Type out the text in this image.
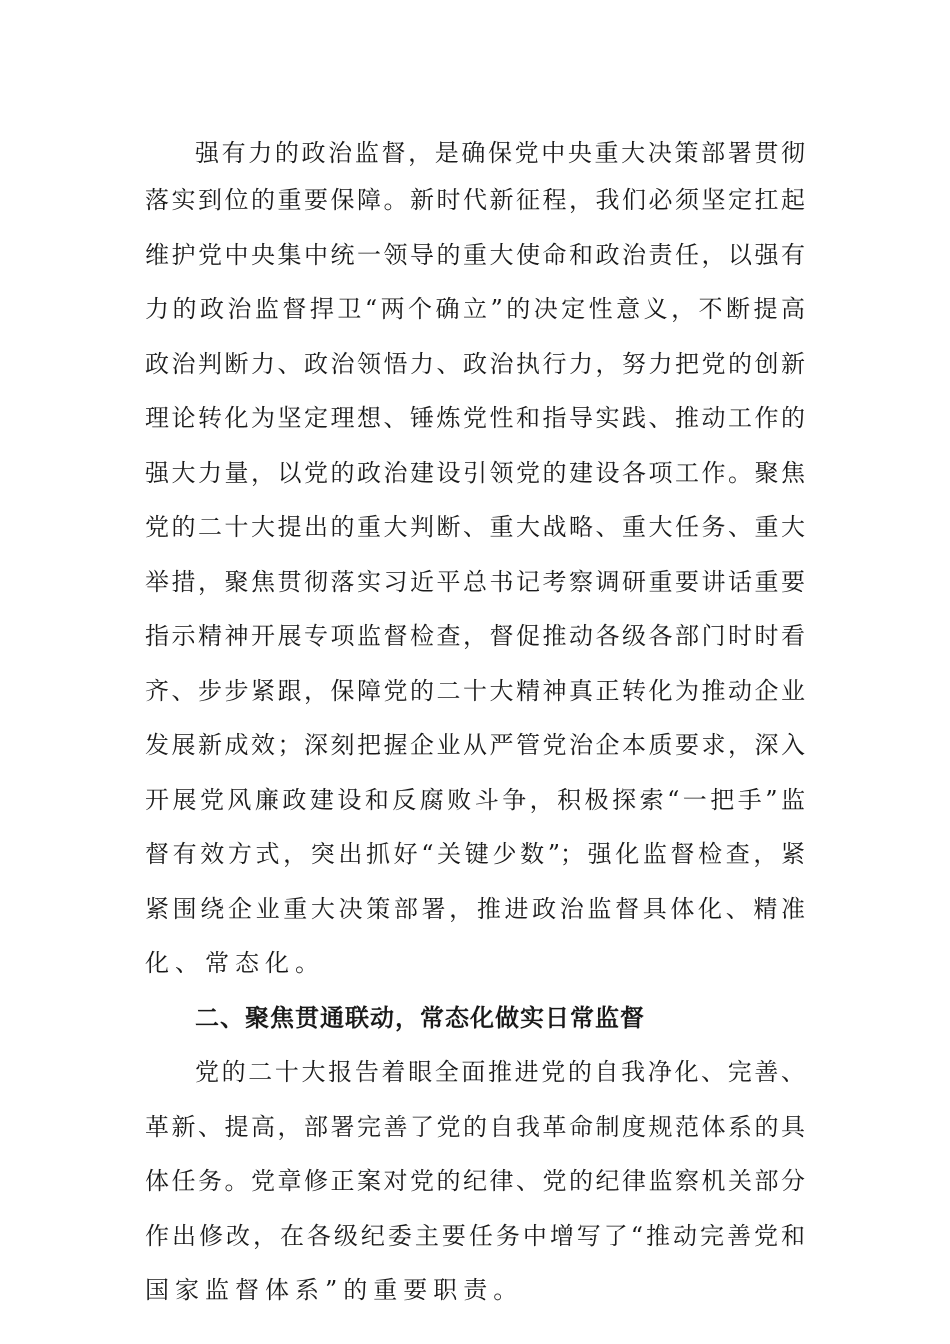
强有力的政治监督，是确保党中央重大决策部署贯彻
落实到位的重要保障。新时代新征程，我们必须坚定扛起
维护党中央集中统一领导的重大使命和政治责任，以强有
力的政治监督捍卫“两个确立”的决定性意义，不断提高
政治判断力、政治领悟力、政治执行力，努力把党的创新
理论转化为坚定理想、锤炼党性和指导实践、推动工作的
强大力量，以党的政治建设引领党的建设各项工作。聚焦
党的二十大提出的重大判断、重大战略、重大任务、重大
举措，聚焦贯彻落实习近平总书记考察调研重要讲话重要
指示精神开展专项监督检查，督促推动各级各部门时时看
齐、步步紧跟，保障党的二十大精神真正转化为推动企业
发展新成效；深刻把握企业从严管党治企本质要求，深入
开展党风廉政建设和反腐败斗争，积极探索“一把手”监
督有效方式，突出抓好“关键少数”；强化监督检查，紧
紧围绕企业重大决策部署，推进政治监督具体化、精准
化、常态化。
二、聚焦贯通联动，常态化做实日常监督
党的二十大报告着眼全面推进党的自我净化、完善、
革新、提高，部署完善了党的自我革命制度规范体系的具
体任务。党章修正案对党的纪律、党的纪律监察机关部分
作出修改，在各级纪委主要任务中增写了“推动完善党和
国家监督体系”的重要职责。
